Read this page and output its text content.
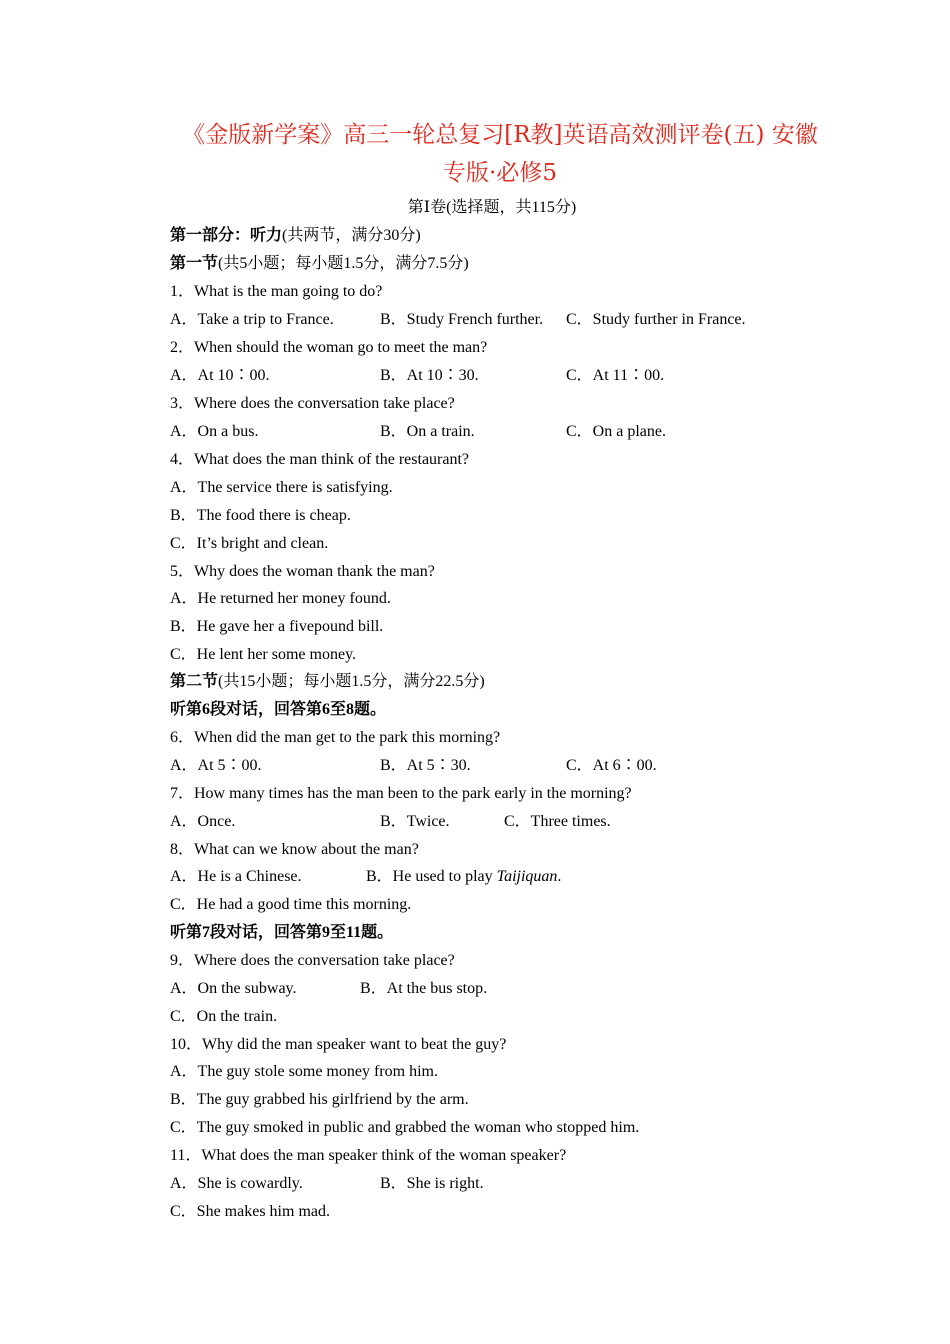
《金版新学案》高三一轮总复习[R教]英语高效测评卷(五) 安徽
专版·必修5
第Ⅰ卷(选择题，共115分)
第一部分：听力(共两节，满分30分)
第一节(共5小题；每小题1.5分，满分7.5分)
1．What is the man going to do?
A．Take a trip to France.	B．Study French further. C．Study further in France.
2．When should the woman go to meet the man?
A．At 10∶00.	B．At 10∶30.	C．At 11∶00.
3．Where does the conversation take place?
A．On a bus.	B．On a train.	C．On a plane.
4．What does the man think of the restaurant?
A．The service there is satisfying.
B．The food there is cheap.
C．It’s bright and clean.
5．Why does the woman thank the man?
A．He returned her money found.
B．He gave her a fivepound bill.
C．He lent her some money.
第二节(共15小题；每小题1.5分，满分22.5分)
听第6段对话，回答第6至8题。
6．When did the man get to the park this morning?
A．At 5∶00.	B．At 5∶30.	C．At 6∶00.
7．How many times has the man been to the park early in the morning?
A．Once.	B．Twice.	C．Three times.
8．What can we know about the man?
A．He is a Chinese.	B．He used to play Taijiquan.
C．He had a good time this morning.
听第7段对话，回答第9至11题。
9．Where does the conversation take place?
A．On the subway.	B．At the bus stop.
C．On the train.
10．Why did the man speaker want to beat the guy?
A．The guy stole some money from him.
B．The guy grabbed his girlfriend by the arm.
C．The guy smoked in public and grabbed the woman who stopped him.
11．What does the man speaker think of the woman speaker?
A．She is cowardly.	B．She is right.
C．She makes him mad.
